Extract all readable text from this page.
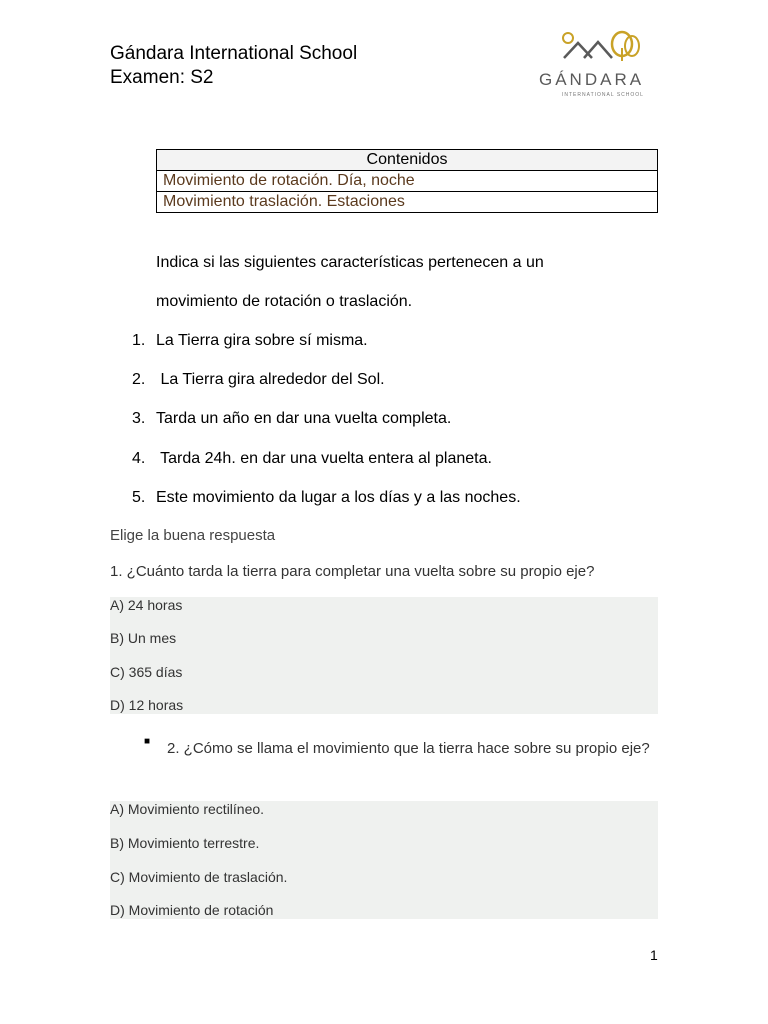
Gándara International School
Examen: S2	GÁNDARA
INTERNATIONAL SCHOOL
Contenidos
Movimiento de rotación. Día, noche
Movimiento traslación. Estaciones
Indica si las siguientes características pertenecen a un
movimiento de rotación o traslación.
1. La Tierra gira sobre sí misma.
2. La Tierra gira alrededor del Sol.
3. Tarda un año en dar una vuelta completa.
4. Tarda 24h. en dar una vuelta entera al planeta.
5. Este movimiento da lugar a los días y a las noches.
Elige la buena respuesta
1. ¿Cuánto tarda la tierra para completar una vuelta sobre su propio eje?
A) 24 horas
B) Un mes
C) 365 días
D) 12 horas
■ 2. ¿Cómo se llama el movimiento que la tierra hace sobre su propio eje?
A) Movimiento rectilíneo.
B) Movimiento terrestre.
C) Movimiento de traslación.
D) Movimiento de rotación
1
